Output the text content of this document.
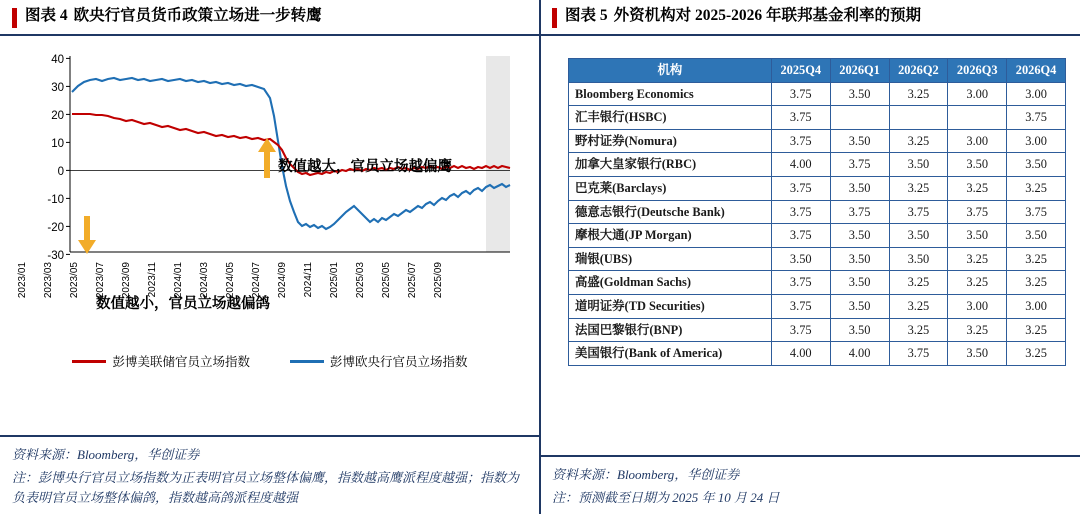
图表 4 欧央行官员货币政策立场进一步转鹰
40
30
20
10
0
-10
-20
-30
2023/01 2023/03 2023/05 2023/07 2023/09 2023/11 2024/01 2024/03 2024/05 2024/07 2024/09 2024/11 2025/01 2025/03 2025/05 2025/07 2025/09
数值越大，官员立场越偏鹰
数值越小，官员立场越偏鸽
彭博美联储官员立场指数	彭博欧央行官员立场指数
资料来源：Bloomberg，华创证券
注：彭博央行官员立场指数为正表明官员立场整体偏鹰，指数越高鹰派程度越强；指数为负表明官员立场整体偏鸽，指数越高鸽派程度越强
图表 5 外资机构对 2025-2026 年联邦基金利率的预期
机构	2025Q4	2026Q1	2026Q2	2026Q3	2026Q4
Bloomberg Economics	3.75	3.50	3.25	3.00	3.00
汇丰银行(HSBC)	3.75				3.75
野村证券(Nomura)	3.75	3.50	3.25	3.00	3.00
加拿大皇家银行(RBC)	4.00	3.75	3.50	3.50	3.50
巴克莱(Barclays)	3.75	3.50	3.25	3.25	3.25
德意志银行(Deutsche Bank)	3.75	3.75	3.75	3.75	3.75
摩根大通(JP Morgan)	3.75	3.50	3.50	3.50	3.50
瑞银(UBS)	3.50	3.50	3.50	3.25	3.25
高盛(Goldman Sachs)	3.75	3.50	3.25	3.25	3.25
道明证券(TD Securities)	3.75	3.50	3.25	3.00	3.00
法国巴黎银行(BNP)	3.75	3.50	3.25	3.25	3.25
美国银行(Bank of America)	4.00	4.00	3.75	3.50	3.25
资料来源：Bloomberg，华创证券
注：预测截至日期为 2025 年 10 月 24 日
